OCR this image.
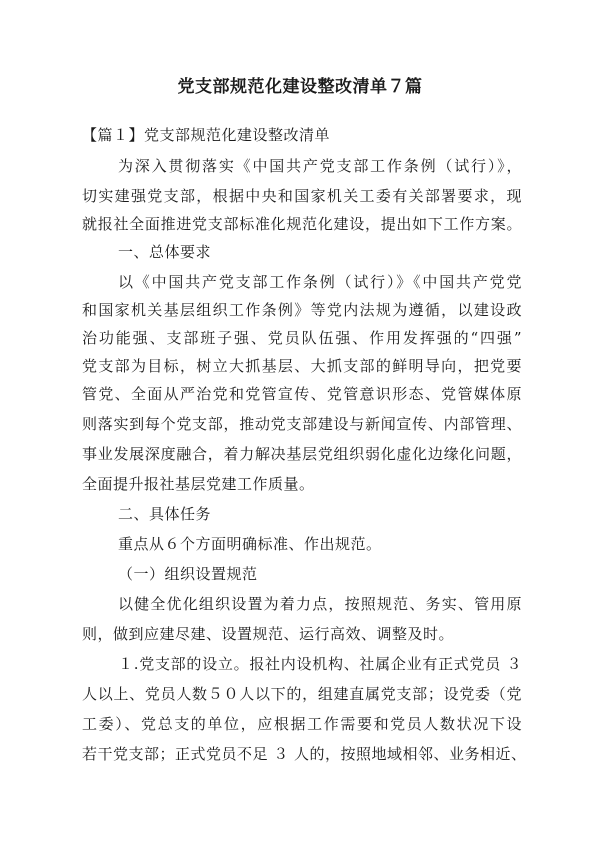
党支部规范化建设整改清单７篇
【篇１】党支部规范化建设整改清单
为深入贯彻落实《中国共产党支部工作条例（试行）》，
切实建强党支部，根据中央和国家机关工委有关部署要求，现
就报社全面推进党支部标准化规范化建设，提出如下工作方案。
一、总体要求
以《中国共产党支部工作条例（试行）》《中国共产党党
和国家机关基层组织工作条例》等党内法规为遵循，以建设政
治功能强、支部班子强、党员队伍强、作用发挥强的“四强”
党支部为目标，树立大抓基层、大抓支部的鲜明导向，把党要
管党、全面从严治党和党管宣传、党管意识形态、党管媒体原
则落实到每个党支部，推动党支部建设与新闻宣传、内部管理、
事业发展深度融合，着力解决基层党组织弱化虚化边缘化问题，
全面提升报社基层党建工作质量。
二、具体任务
重点从６个方面明确标准、作出规范。
（一）组织设置规范
以健全优化组织设置为着力点，按照规范、务实、管用原
则，做到应建尽建、设置规范、运行高效、调整及时。
１.党支部的设立。报社内设机构、社属企业有正式党员 ３
人以上、党员人数５０人以下的，组建直属党支部；设党委（党
工委）、党总支的单位，应根据工作需要和党员人数状况下设
若干党支部；正式党员不足 ３ 人的，按照地域相邻、业务相近、
